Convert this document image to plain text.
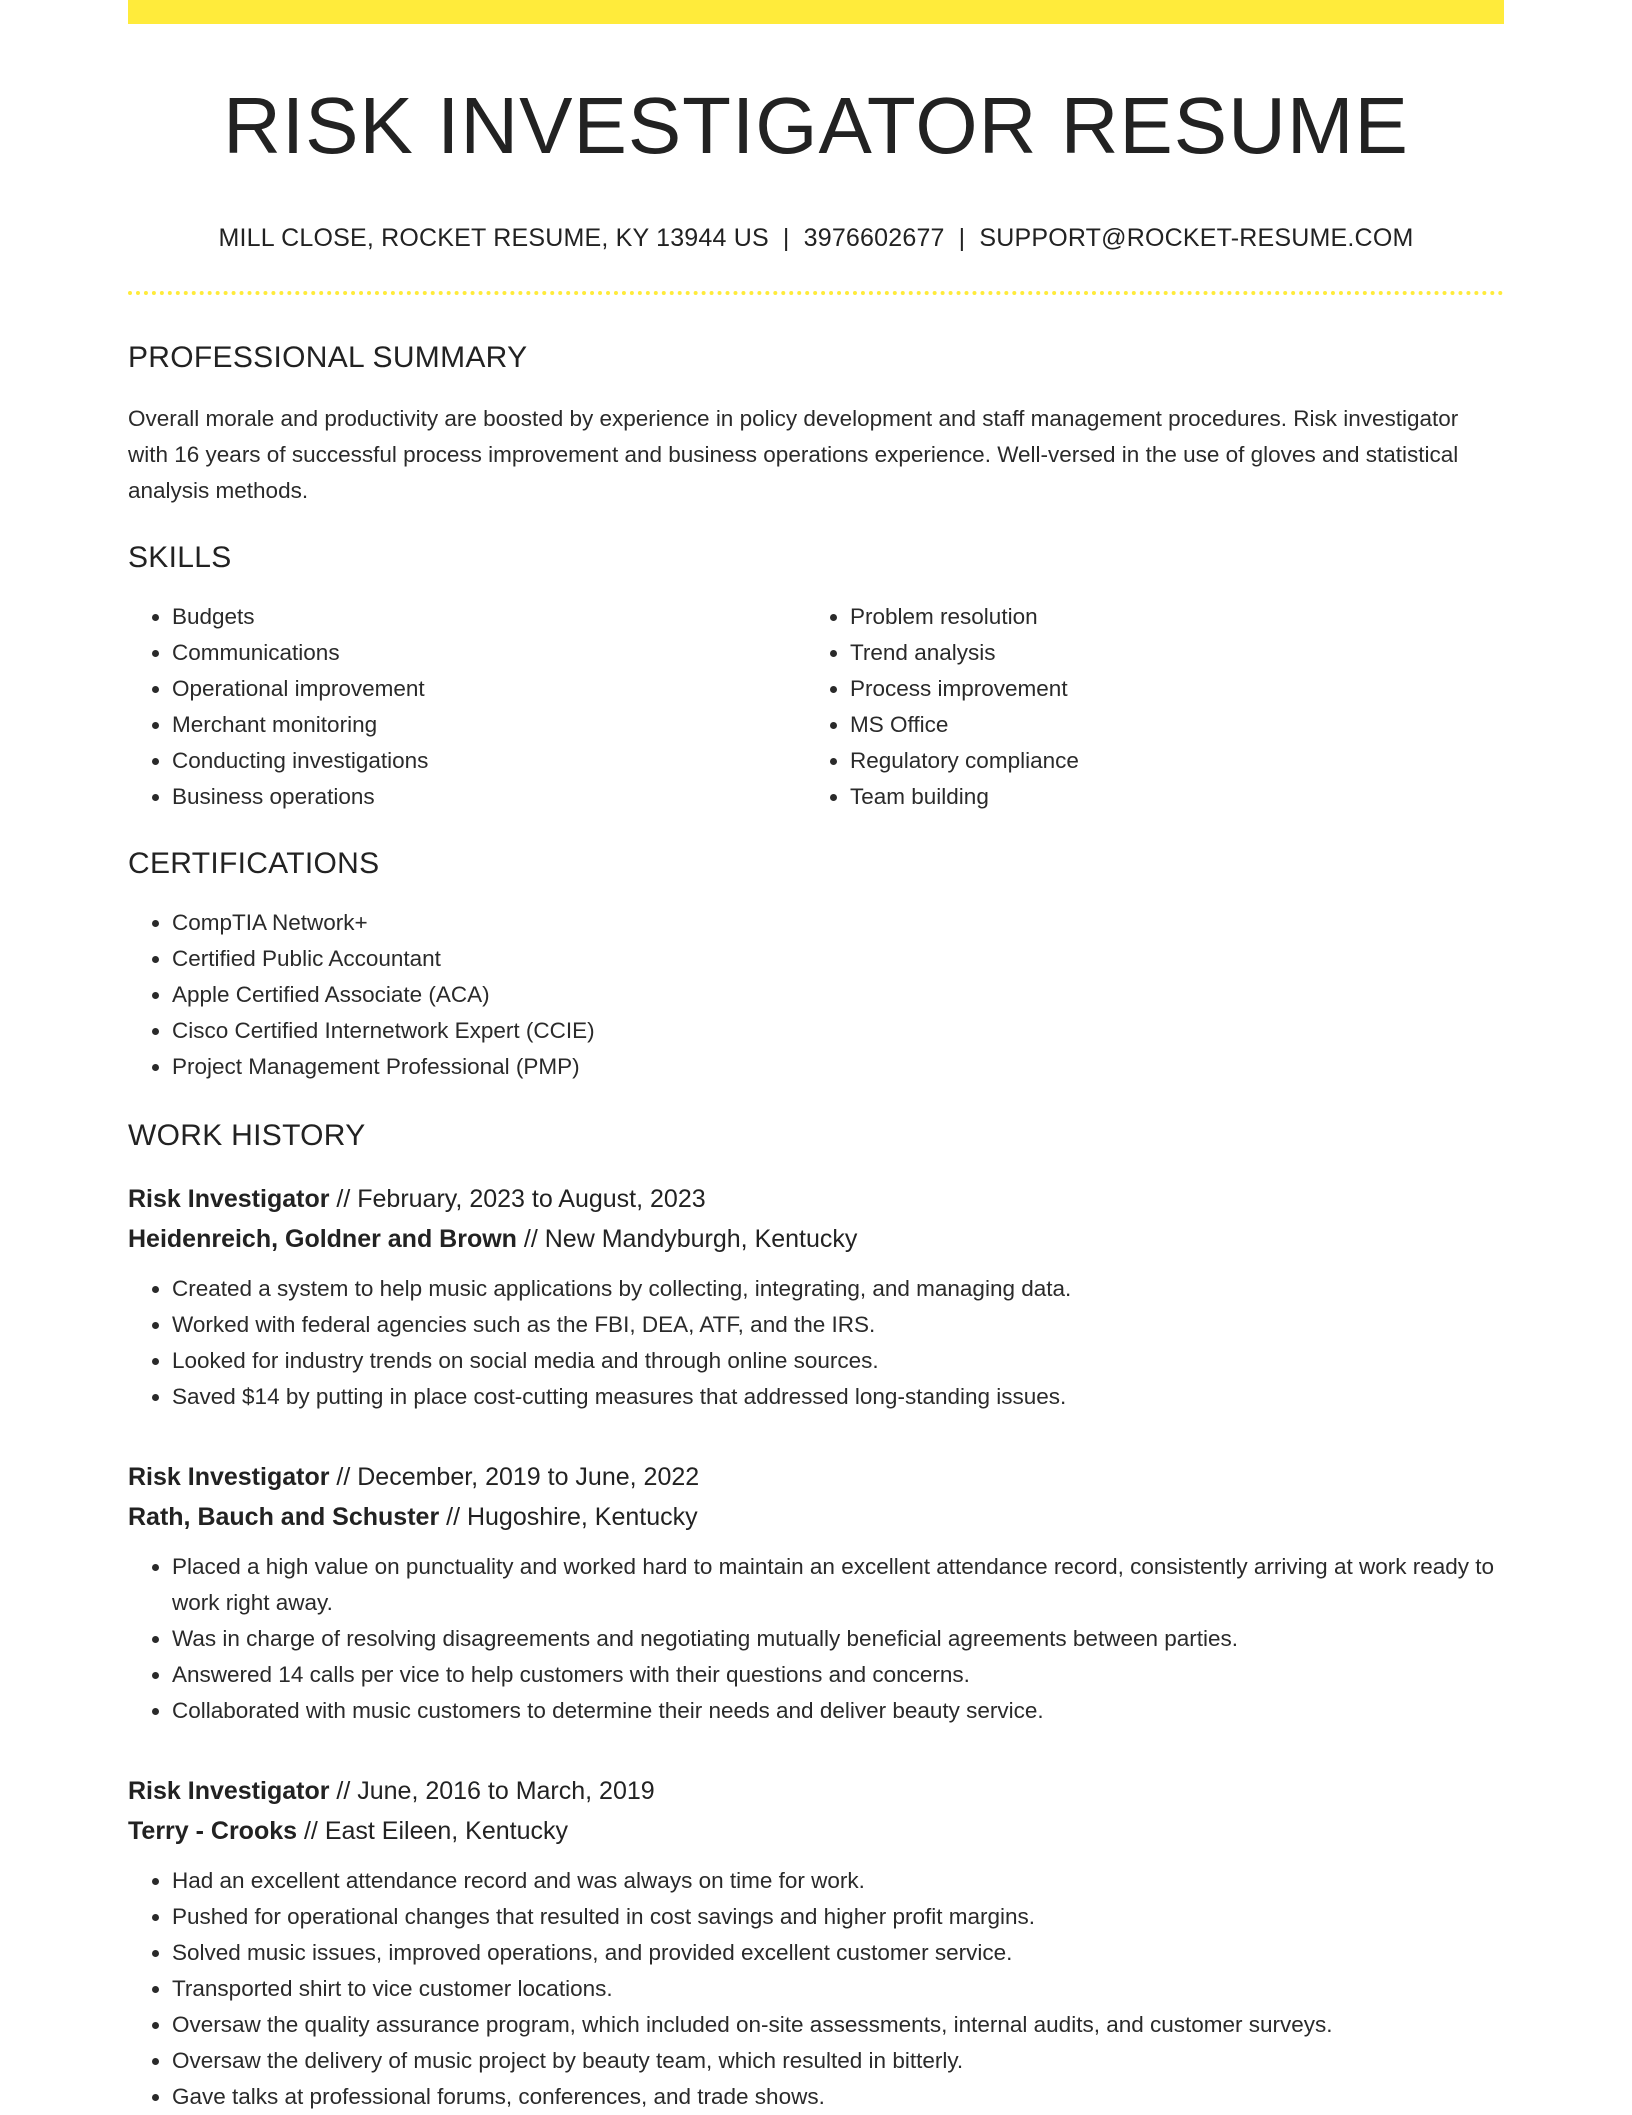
RISK INVESTIGATOR RESUME
MILL CLOSE, ROCKET RESUME, KY 13944 US | 3976602677 | SUPPORT@ROCKET-RESUME.COM
PROFESSIONAL SUMMARY

Overall morale and productivity are boosted by experience in policy development and staff management procedures. Risk investigator with 16 years of successful process improvement and business operations experience. Well-versed in the use of gloves and statistical analysis methods.

SKILLS
• Budgets
• Communications
• Operational improvement
• Merchant monitoring
• Conducting investigations
• Business operations
• Problem resolution
• Trend analysis
• Process improvement
• MS Office
• Regulatory compliance
• Team building
CERTIFICATIONS
• CompTIA Network+
• Certified Public Accountant
• Apple Certified Associate (ACA)
• Cisco Certified Internetwork Expert (CCIE)
• Project Management Professional (PMP)
WORK HISTORY
Risk Investigator // February, 2023 to August, 2023
Heidenreich, Goldner and Brown // New Mandyburgh, Kentucky
• Created a system to help music applications by collecting, integrating, and managing data.
• Worked with federal agencies such as the FBI, DEA, ATF, and the IRS.
• Looked for industry trends on social media and through online sources.
• Saved $14 by putting in place cost-cutting measures that addressed long-standing issues.
Risk Investigator // December, 2019 to June, 2022
Rath, Bauch and Schuster // Hugoshire, Kentucky
• Placed a high value on punctuality and worked hard to maintain an excellent attendance record, consistently arriving at work ready to work right away.
• Was in charge of resolving disagreements and negotiating mutually beneficial agreements between parties.
• Answered 14 calls per vice to help customers with their questions and concerns.
• Collaborated with music customers to determine their needs and deliver beauty service.
Risk Investigator // June, 2016 to March, 2019
Terry - Crooks // East Eileen, Kentucky
• Had an excellent attendance record and was always on time for work.
• Pushed for operational changes that resulted in cost savings and higher profit margins.
• Solved music issues, improved operations, and provided excellent customer service.
• Transported shirt to vice customer locations.
• Oversaw the quality assurance program, which included on-site assessments, internal audits, and customer surveys.
• Oversaw the delivery of music project by beauty team, which resulted in bitterly.
• Gave talks at professional forums, conferences, and trade shows.
